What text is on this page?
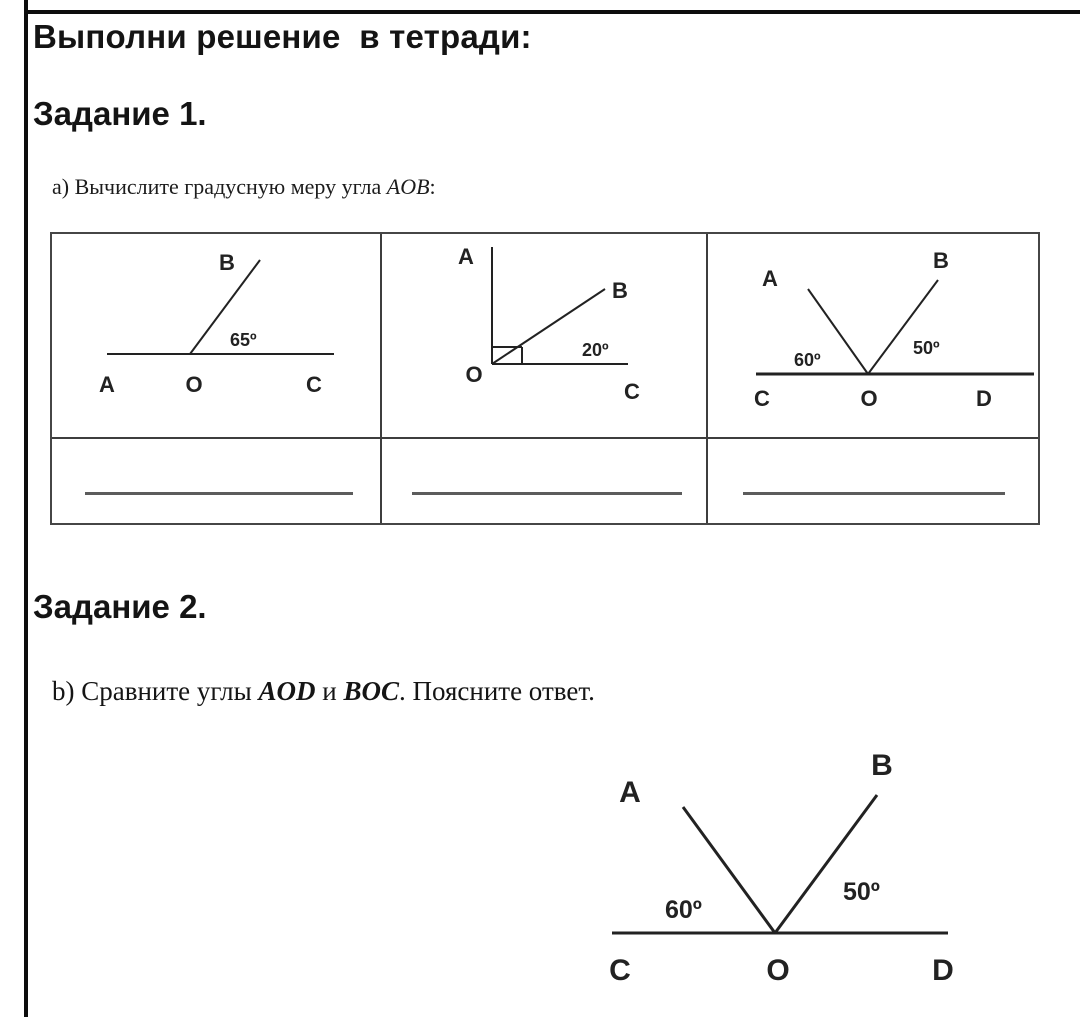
Выполни решение  в тетради:
Задание 1.
а) Вычислите градусную меру угла AOB:
B
65º
A	O	C
A
B
20º
O
C
A
B
60º
50º
C	O	D
Задание 2.
b) Сравните углы AOD и BOC. Поясните ответ.
A
B
60º
50º
C	O	D
